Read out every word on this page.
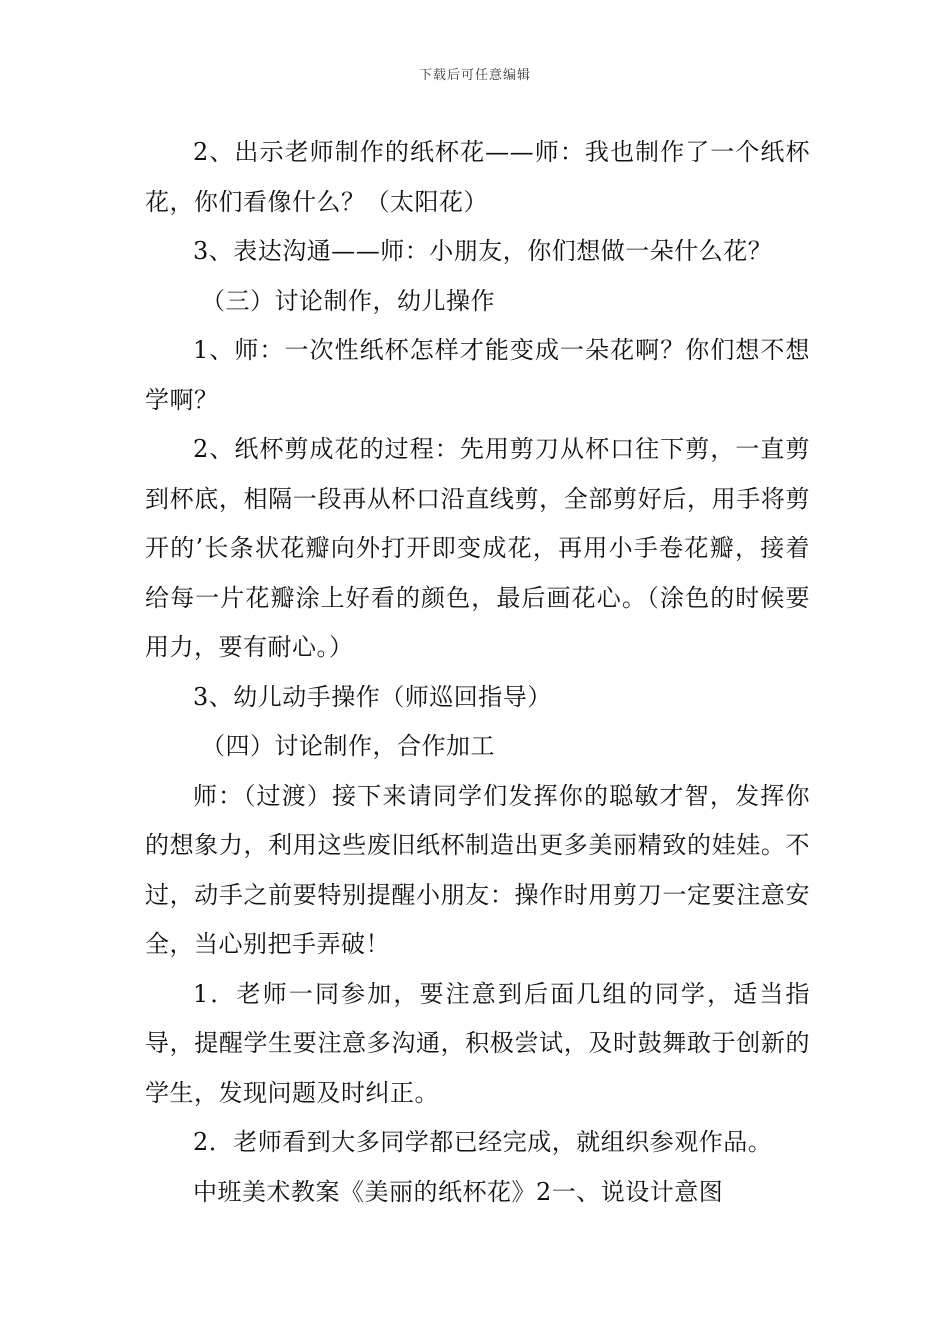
下载后可任意编辑

2、出示老师制作的纸杯花——师：我也制作了一个纸杯花，你们看像什么？（太阳花）

3、表达沟通——师：小朋友，你们想做一朵什么花？

（三）讨论制作，幼儿操作

1、师：一次性纸杯怎样才能变成一朵花啊？你们想不想学啊？

2、纸杯剪成花的过程：先用剪刀从杯口往下剪，一直剪到杯底，相隔一段再从杯口沿直线剪，全部剪好后，用手将剪开的’长条状花瓣向外打开即变成花，再用小手卷花瓣，接着给每一片花瓣涂上好看的颜色，最后画花心。（涂色的时候要用力，要有耐心。）

3、幼儿动手操作（师巡回指导）

（四）讨论制作，合作加工

师：（过渡）接下来请同学们发挥你的聪敏才智，发挥你的想象力，利用这些废旧纸杯制造出更多美丽精致的娃娃。不过，动手之前要特别提醒小朋友：操作时用剪刀一定要注意安全，当心别把手弄破！

1．老师一同参加，要注意到后面几组的同学，适当指导，提醒学生要注意多沟通，积极尝试，及时鼓舞敢于创新的学生，发现问题及时纠正。

2．老师看到大多同学都已经完成，就组织参观作品。

中班美术教案《美丽的纸杯花》2一、说设计意图
